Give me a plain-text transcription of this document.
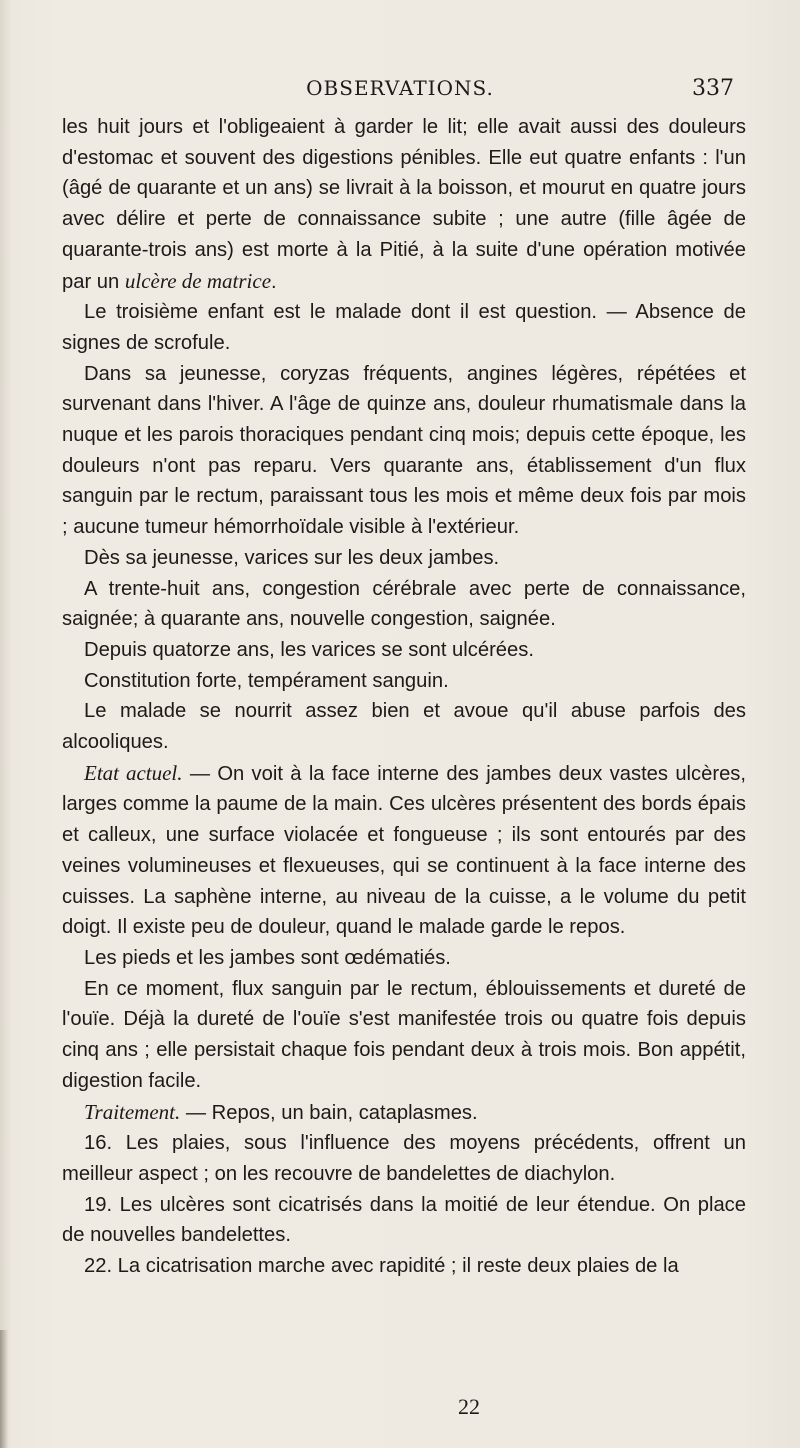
OBSERVATIONS.	337

les huit jours et l'obligeaient à garder le lit; elle avait aussi des douleurs d'estomac et souvent des digestions pénibles. Elle eut quatre enfants : l'un (âgé de quarante et un ans) se livrait à la boisson, et mourut en quatre jours avec délire et perte de connaissance subite ; une autre (fille âgée de quarante-trois ans) est morte à la Pitié, à la suite d'une opération motivée par un ulcère de matrice.

Le troisième enfant est le malade dont il est question. — Absence de signes de scrofule.

Dans sa jeunesse, coryzas fréquents, angines légères, répétées et survenant dans l'hiver. A l'âge de quinze ans, douleur rhumatismale dans la nuque et les parois thoraciques pendant cinq mois; depuis cette époque, les douleurs n'ont pas reparu. Vers quarante ans, établissement d'un flux sanguin par le rectum, paraissant tous les mois et même deux fois par mois ; aucune tumeur hémorrhoïdale visible à l'extérieur.

Dès sa jeunesse, varices sur les deux jambes.

A trente-huit ans, congestion cérébrale avec perte de connaissance, saignée; à quarante ans, nouvelle congestion, saignée.

Depuis quatorze ans, les varices se sont ulcérées.

Constitution forte, tempérament sanguin.

Le malade se nourrit assez bien et avoue qu'il abuse parfois des alcooliques.

Etat actuel. — On voit à la face interne des jambes deux vastes ulcères, larges comme la paume de la main. Ces ulcères présentent des bords épais et calleux, une surface violacée et fongueuse ; ils sont entourés par des veines volumineuses et flexueuses, qui se continuent à la face interne des cuisses. La saphène interne, au niveau de la cuisse, a le volume du petit doigt. Il existe peu de douleur, quand le malade garde le repos.

Les pieds et les jambes sont œdématiés.

En ce moment, flux sanguin par le rectum, éblouissements et dureté de l'ouïe. Déjà la dureté de l'ouïe s'est manifestée trois ou quatre fois depuis cinq ans ; elle persistait chaque fois pendant deux à trois mois. Bon appétit, digestion facile.

Traitement. — Repos, un bain, cataplasmes.

16. Les plaies, sous l'influence des moyens précédents, offrent un meilleur aspect ; on les recouvre de bandelettes de diachylon.

19. Les ulcères sont cicatrisés dans la moitié de leur étendue. On place de nouvelles bandelettes.

22. La cicatrisation marche avec rapidité ; il reste deux plaies de la

22
